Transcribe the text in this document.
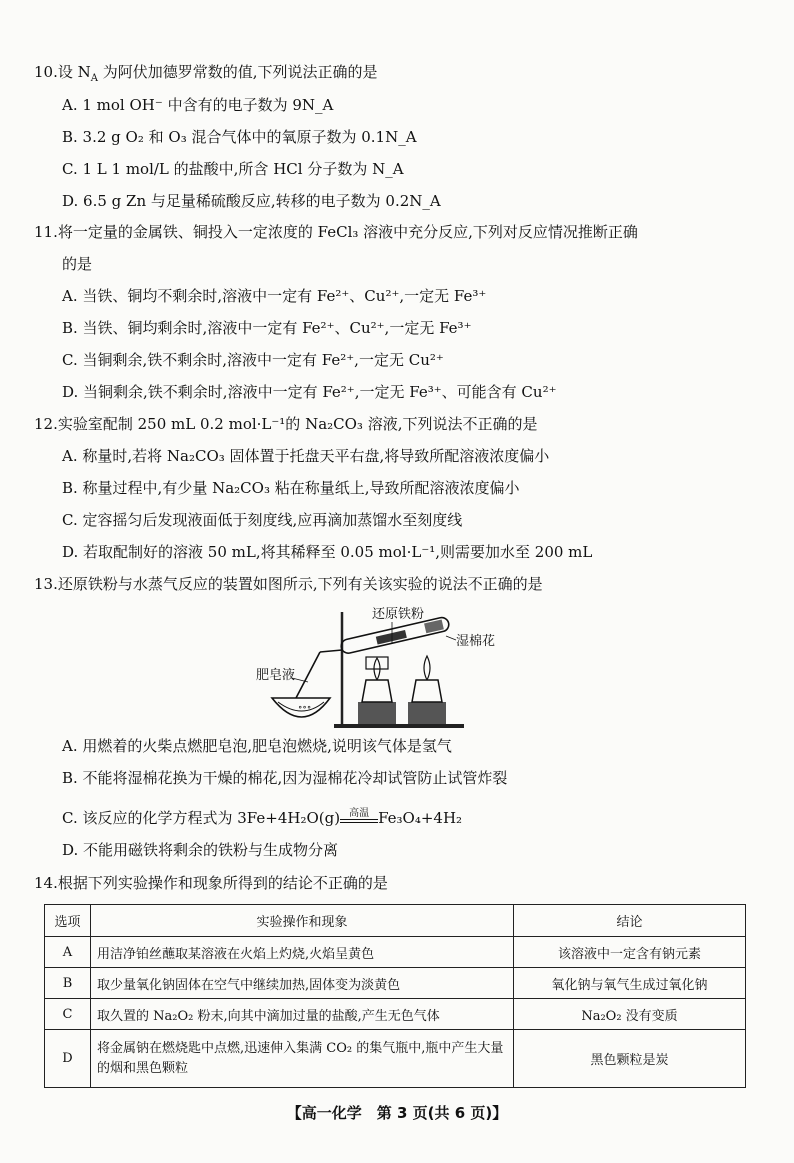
10.设 $N_A$ 为阿伏加德罗常数的值,下列说法正确的是
A. 1 mol OH⁻ 中含有的电子数为 9N_A
B. 3.2 g O₂ 和 O₃ 混合气体中的氧原子数为 0.1N_A
C. 1 L 1 mol/L 的盐酸中,所含 HCl 分子数为 N_A
D. 6.5 g Zn 与足量稀硫酸反应,转移的电子数为 0.2N_A
11.将一定量的金属铁、铜投入一定浓度的 FeCl₃ 溶液中充分反应,下列对反应情况推断正确
的是
A. 当铁、铜均不剩余时,溶液中一定有 Fe²⁺、Cu²⁺,一定无 Fe³⁺
B. 当铁、铜均剩余时,溶液中一定有 Fe²⁺、Cu²⁺,一定无 Fe³⁺
C. 当铜剩余,铁不剩余时,溶液中一定有 Fe²⁺,一定无 Cu²⁺
D. 当铜剩余,铁不剩余时,溶液中一定有 Fe²⁺,一定无 Fe³⁺、可能含有 Cu²⁺
12.实验室配制 250 mL 0.2 mol·L⁻¹的 Na₂CO₃ 溶液,下列说法不正确的是
A. 称量时,若将 Na₂CO₃ 固体置于托盘天平右盘,将导致所配溶液浓度偏小
B. 称量过程中,有少量 Na₂CO₃ 粘在称量纸上,导致所配溶液浓度偏小
C. 定容摇匀后发现液面低于刻度线,应再滴加蒸馏水至刻度线
D. 若取配制好的溶液 50 mL,将其稀释至 0.05 mol·L⁻¹,则需要加水至 200 mL
13.还原铁粉与水蒸气反应的装置如图所示,下列有关该实验的说法不正确的是
∘∘∘
还原铁粉
湿棉花
肥皂液
A. 用燃着的火柴点燃肥皂泡,肥皂泡燃烧,说明该气体是氢气
B. 不能将湿棉花换为干燥的棉花,因为湿棉花冷却试管防止试管炸裂
C. 该反应的化学方程式为 3Fe+4H₂O(g) 高温 Fe₃O₄+4H₂
D. 不能用磁铁将剩余的铁粉与生成物分离
14.根据下列实验操作和现象所得到的结论不正确的是
选项	实验操作和现象	结论
A	用洁净铂丝蘸取某溶液在火焰上灼烧,火焰呈黄色	该溶液中一定含有钠元素
B	取少量氧化钠固体在空气中继续加热,固体变为淡黄色	氧化钠与氧气生成过氧化钠
C	取久置的 Na₂O₂ 粉末,向其中滴加过量的盐酸,产生无色气体	Na₂O₂ 没有变质
D	将金属钠在燃烧匙中点燃,迅速伸入集满 CO₂ 的集气瓶中,瓶中产生大量的烟和黑色颗粒	黑色颗粒是炭
【高一化学　第 3 页(共 6 页)】
